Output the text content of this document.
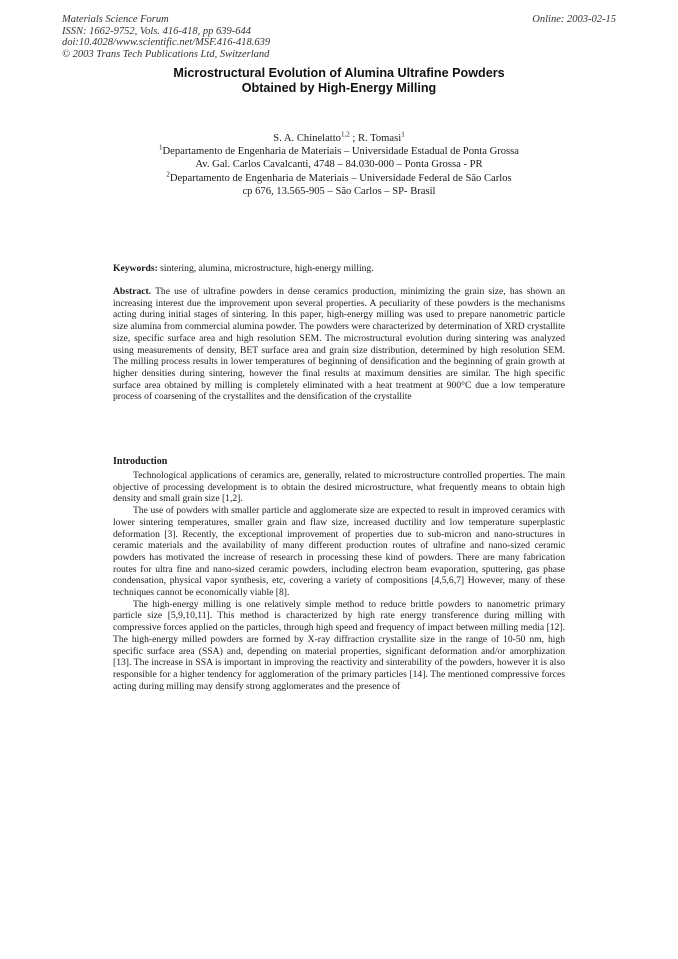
Materials Science Forum
ISSN: 1662-9752, Vols. 416-418, pp 639-644
doi:10.4028/www.scientific.net/MSF.416-418.639
© 2003 Trans Tech Publications Ltd, Switzerland
Online: 2003-02-15
Microstructural Evolution of Alumina Ultrafine Powders
Obtained by High-Energy Milling
S. A. Chinelatto$^{1,2}$ ; R. Tomasi$^1$
$^1$Departamento de Engenharia de Materiais – Universidade Estadual de Ponta Grossa
Av. Gal. Carlos Cavalcanti, 4748 – 84.030-000 – Ponta Grossa - PR
$^2$Departamento de Engenharia de Materiais – Universidade Federal de São Carlos
cp 676, 13.565-905 – São Carlos – SP- Brasil
Keywords: sintering, alumina, microstructure, high-energy milling.
Abstract. The use of ultrafine powders in dense ceramics production, minimizing the grain size, has shown an increasing interest due the improvement upon several properties. A peculiarity of these powders is the mechanisms acting during initial stages of sintering. In this paper, high-energy milling was used to prepare nanometric particle size alumina from commercial alumina powder. The powders were characterized by determination of XRD crystallite size, specific surface area and high resolution SEM. The microstructural evolution during sintering was analyzed using measurements of density, BET surface area and grain size distribution, determined by high resolution SEM. The milling process results in lower temperatures of beginning of densification and the beginning of grain growth at higher densities during sintering, however the final results at maximum densities are similar. The high specific surface area obtained by milling is completely eliminated with a heat treatment at 900°C due a low temperature process of coarsening of the crystallites and the densification of the crystallite
Introduction

Technological applications of ceramics are, generally, related to microstructure controlled properties. The main objective of processing development is to obtain the desired microstructure, what frequently means to obtain high density and small grain size [1,2].

The use of powders with smaller particle and agglomerate size are expected to result in improved ceramics with lower sintering temperatures, smaller grain and flaw size, increased ductility and low temperature superplastic deformation [3]. Recently, the exceptional improvement of properties due to sub-micron and nano-structures in ceramic materials and the availability of many different production routes of ultrafine and nano-sized ceramic powders has motivated the increase of research in processing these kind of powders. There are many fabrication routes for ultra fine and nano-sized ceramic powders, including electron beam evaporation, sputtering, gas phase condensation, physical vapor synthesis, etc, covering a variety of compositions [4,5,6,7] However, many of these techniques cannot be economically viable [8].

The high-energy milling is one relatively simple method to reduce brittle powders to nanometric primary particle size [5,9,10,11]. This method is characterized by high rate energy transference during milling with compressive forces applied on the particles, through high speed and frequency of impact between milling media [12]. The high-energy milled powders are formed by X-ray diffraction crystallite size in the range of 10-50 nm, high specific surface area (SSA) and, depending on material properties, significant deformation and/or amorphization [13]. The increase in SSA is important in improving the reactivity and sinterability of the powders, however it is also responsible for a higher tendency for agglomeration of the primary particles [14]. The mentioned compressive forces acting during milling may densify strong agglomerates and the presence of
